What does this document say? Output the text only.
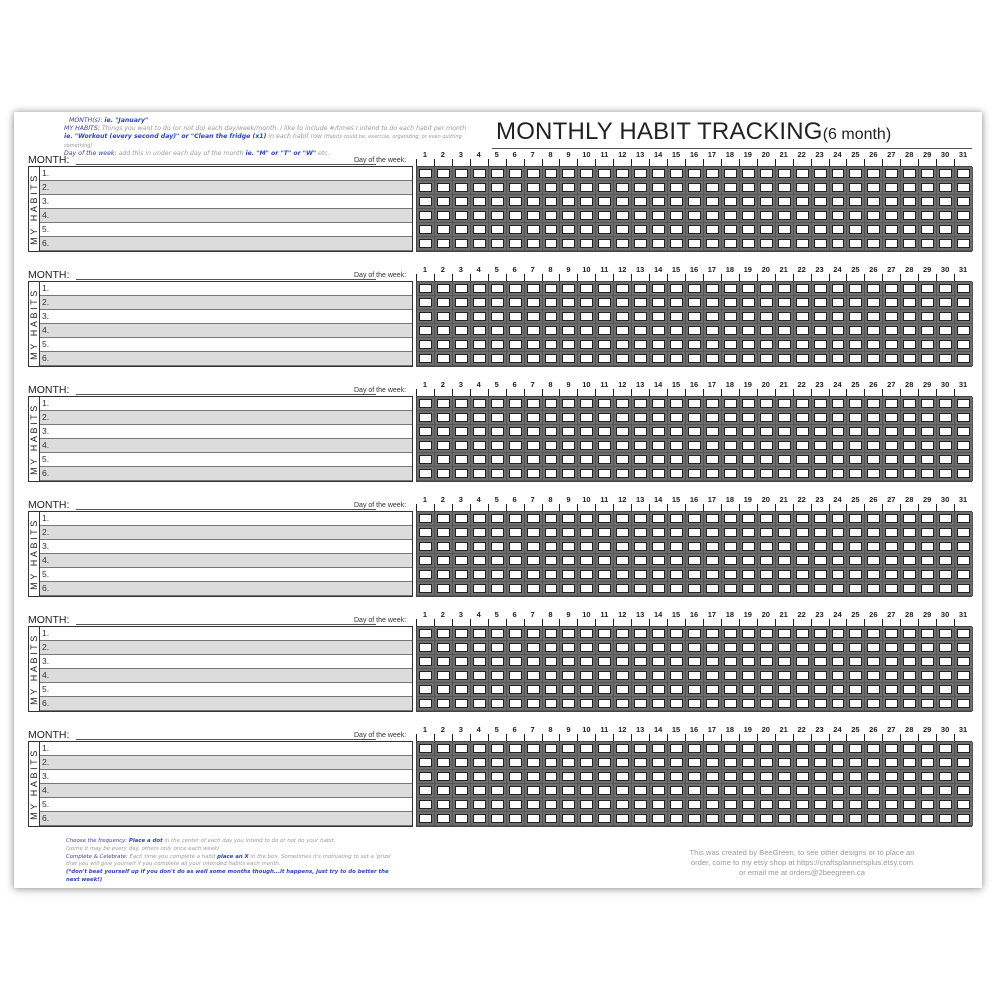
MONTH(s): ie. "January"
MY HABITS: Things you want to do (or not do) each day/week/month. I like to include #/times I intend to do each habit per month ie. "Workout (every second day)" or "Clean the fridge (x1) in each habit row (Habits could be: exercise, organizing, or even quitting something)
Day of the week: add this in under each day of the month ie. "M" or "T" or "W" etc.
MONTHLY HABIT TRACKING(6 month)
MONTH:	Day of the week:
MY HABITS
1.
2.
3.
4.
5.
6.
1	2	3	4	5	6	7	8	9	10	11	12	13	14	15	16	17	18	19	20	21	22	23	24	25	26	27	28	29	30	31
MONTH:	Day of the week:
MY HABITS
1.
2.
3.
4.
5.
6.
1	2	3	4	5	6	7	8	9	10	11	12	13	14	15	16	17	18	19	20	21	22	23	24	25	26	27	28	29	30	31
MONTH:	Day of the week:
MY HABITS
1.
2.
3.
4.
5.
6.
1	2	3	4	5	6	7	8	9	10	11	12	13	14	15	16	17	18	19	20	21	22	23	24	25	26	27	28	29	30	31
MONTH:	Day of the week:
MY HABITS
1.
2.
3.
4.
5.
6.
1	2	3	4	5	6	7	8	9	10	11	12	13	14	15	16	17	18	19	20	21	22	23	24	25	26	27	28	29	30	31
MONTH:	Day of the week:
MY HABITS
1.
2.
3.
4.
5.
6.
1	2	3	4	5	6	7	8	9	10	11	12	13	14	15	16	17	18	19	20	21	22	23	24	25	26	27	28	29	30	31
MONTH:	Day of the week:
MY HABITS
1.
2.
3.
4.
5.
6.
1	2	3	4	5	6	7	8	9	10	11	12	13	14	15	16	17	18	19	20	21	22	23	24	25	26	27	28	29	30	31
Choose the frequency: Place a dot in the center of each day you intend to do or not do your habit.
(some it may be every day, others only once each week)
Complete & Celebrate: Each time you complete a habit place an X in the box. Sometimes it's motivating to set a 'prize' that you will give yourself if you complete all your intended habits each month.
(*don't beat yourself up if you don't do as well some months though...it happens, just try to do better the next week!)
This was created by BeeGreen, to see other designs or to place an
order, come to my etsy shop at https://craftsplannersplus.etsy.com
or email me at orders@2beegreen.ca
